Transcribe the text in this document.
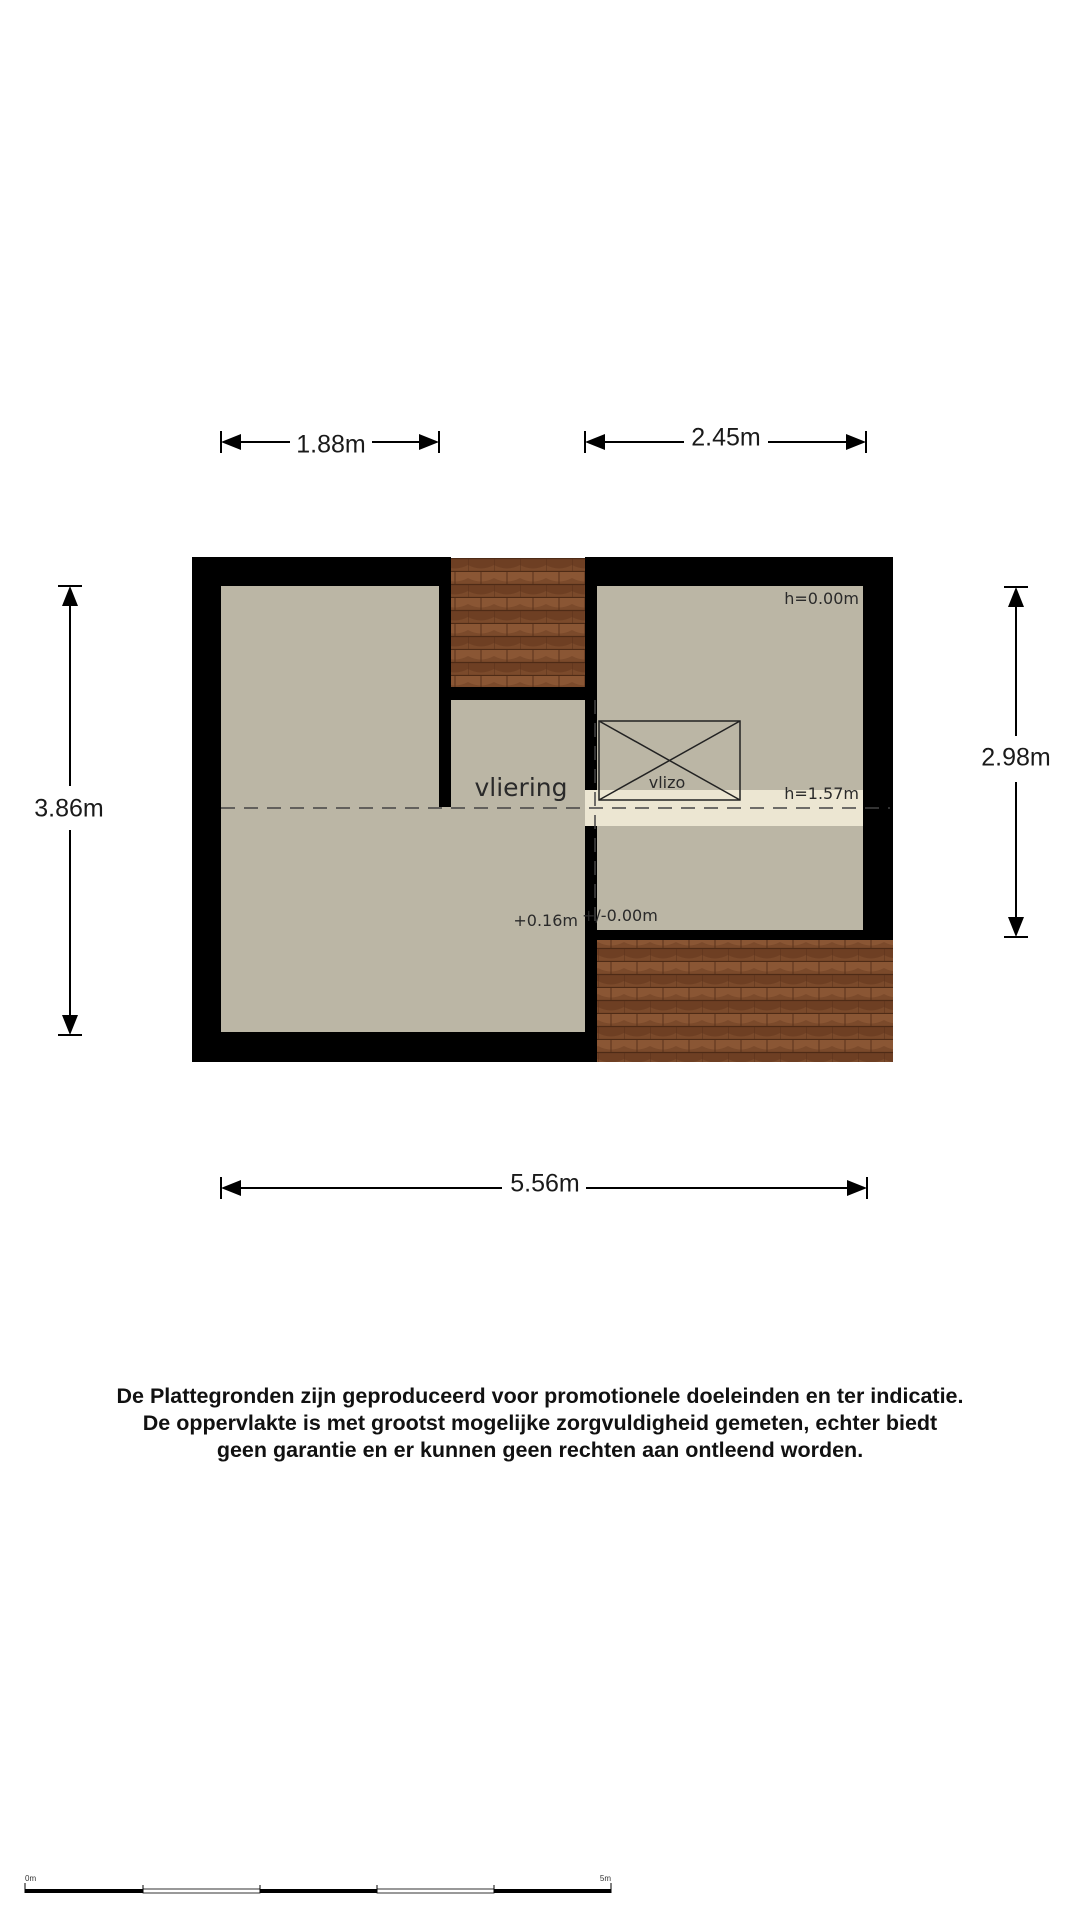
vlizo
vliering
h=0.00m
h=1.57m
+0.16m +/-0.00m
1.88m	2.45m
3.86m
2.98m
5.56m
0m	5m
De Plattegronden zijn geproduceerd voor promotionele doeleinden en ter indicatie.
De oppervlakte is met grootst mogelijke zorgvuldigheid gemeten, echter biedt
geen garantie en er kunnen geen rechten aan ontleend worden.
